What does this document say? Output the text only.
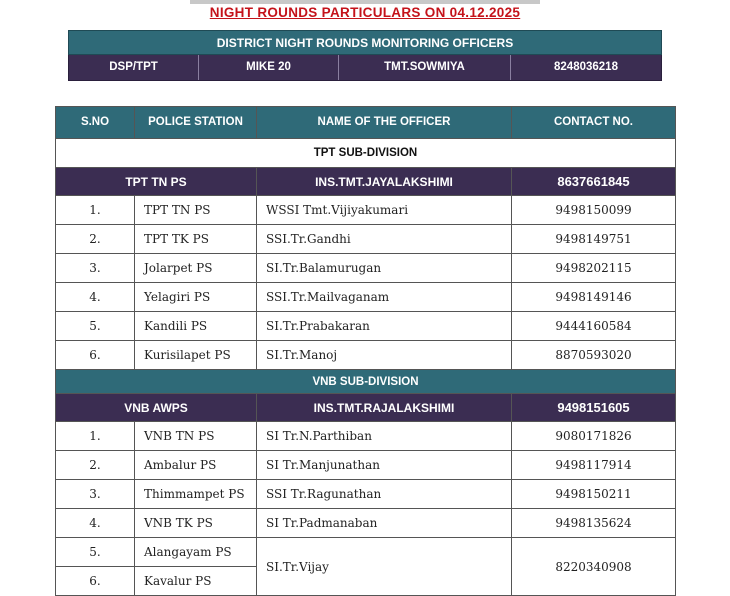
NIGHT ROUNDS PARTICULARS ON 04.12.2025
DISTRICT NIGHT ROUNDS MONITORING OFFICERS
DSP/TPT	MIKE 20	TMT.SOWMIYA	8248036218
S.NO	POLICE STATION	NAME OF THE OFFICER	CONTACT NO.
TPT SUB-DIVISION			
TPT TN PS		INS.TMT.JAYALAKSHIMI	8637661845
1.	TPT TN PS	WSSI Tmt.Vijiyakumari	9498150099
2.	TPT TK PS	SSI.Tr.Gandhi	9498149751
3.	Jolarpet PS	SI.Tr.Balamurugan	9498202115
4.	Yelagiri PS	SSI.Tr.Mailvaganam	9498149146
5.	Kandili PS	SI.Tr.Prabakaran	9444160584
6.	Kurisilapet PS	SI.Tr.Manoj	8870593020
VNB SUB-DIVISION			
VNB AWPS		INS.TMT.RAJALAKSHIMI	9498151605
1.	VNB TN PS	SI Tr.N.Parthiban	9080171826
2.	Ambalur PS	SI Tr.Manjunathan	9498117914
3.	Thimmampet PS	SSI Tr.Ragunathan	9498150211
4.	VNB TK PS	SI Tr.Padmanaban	9498135624
5.	Alangayam PS	SI.Tr.Vijay	8220340908
6.	Kavalur PS		
